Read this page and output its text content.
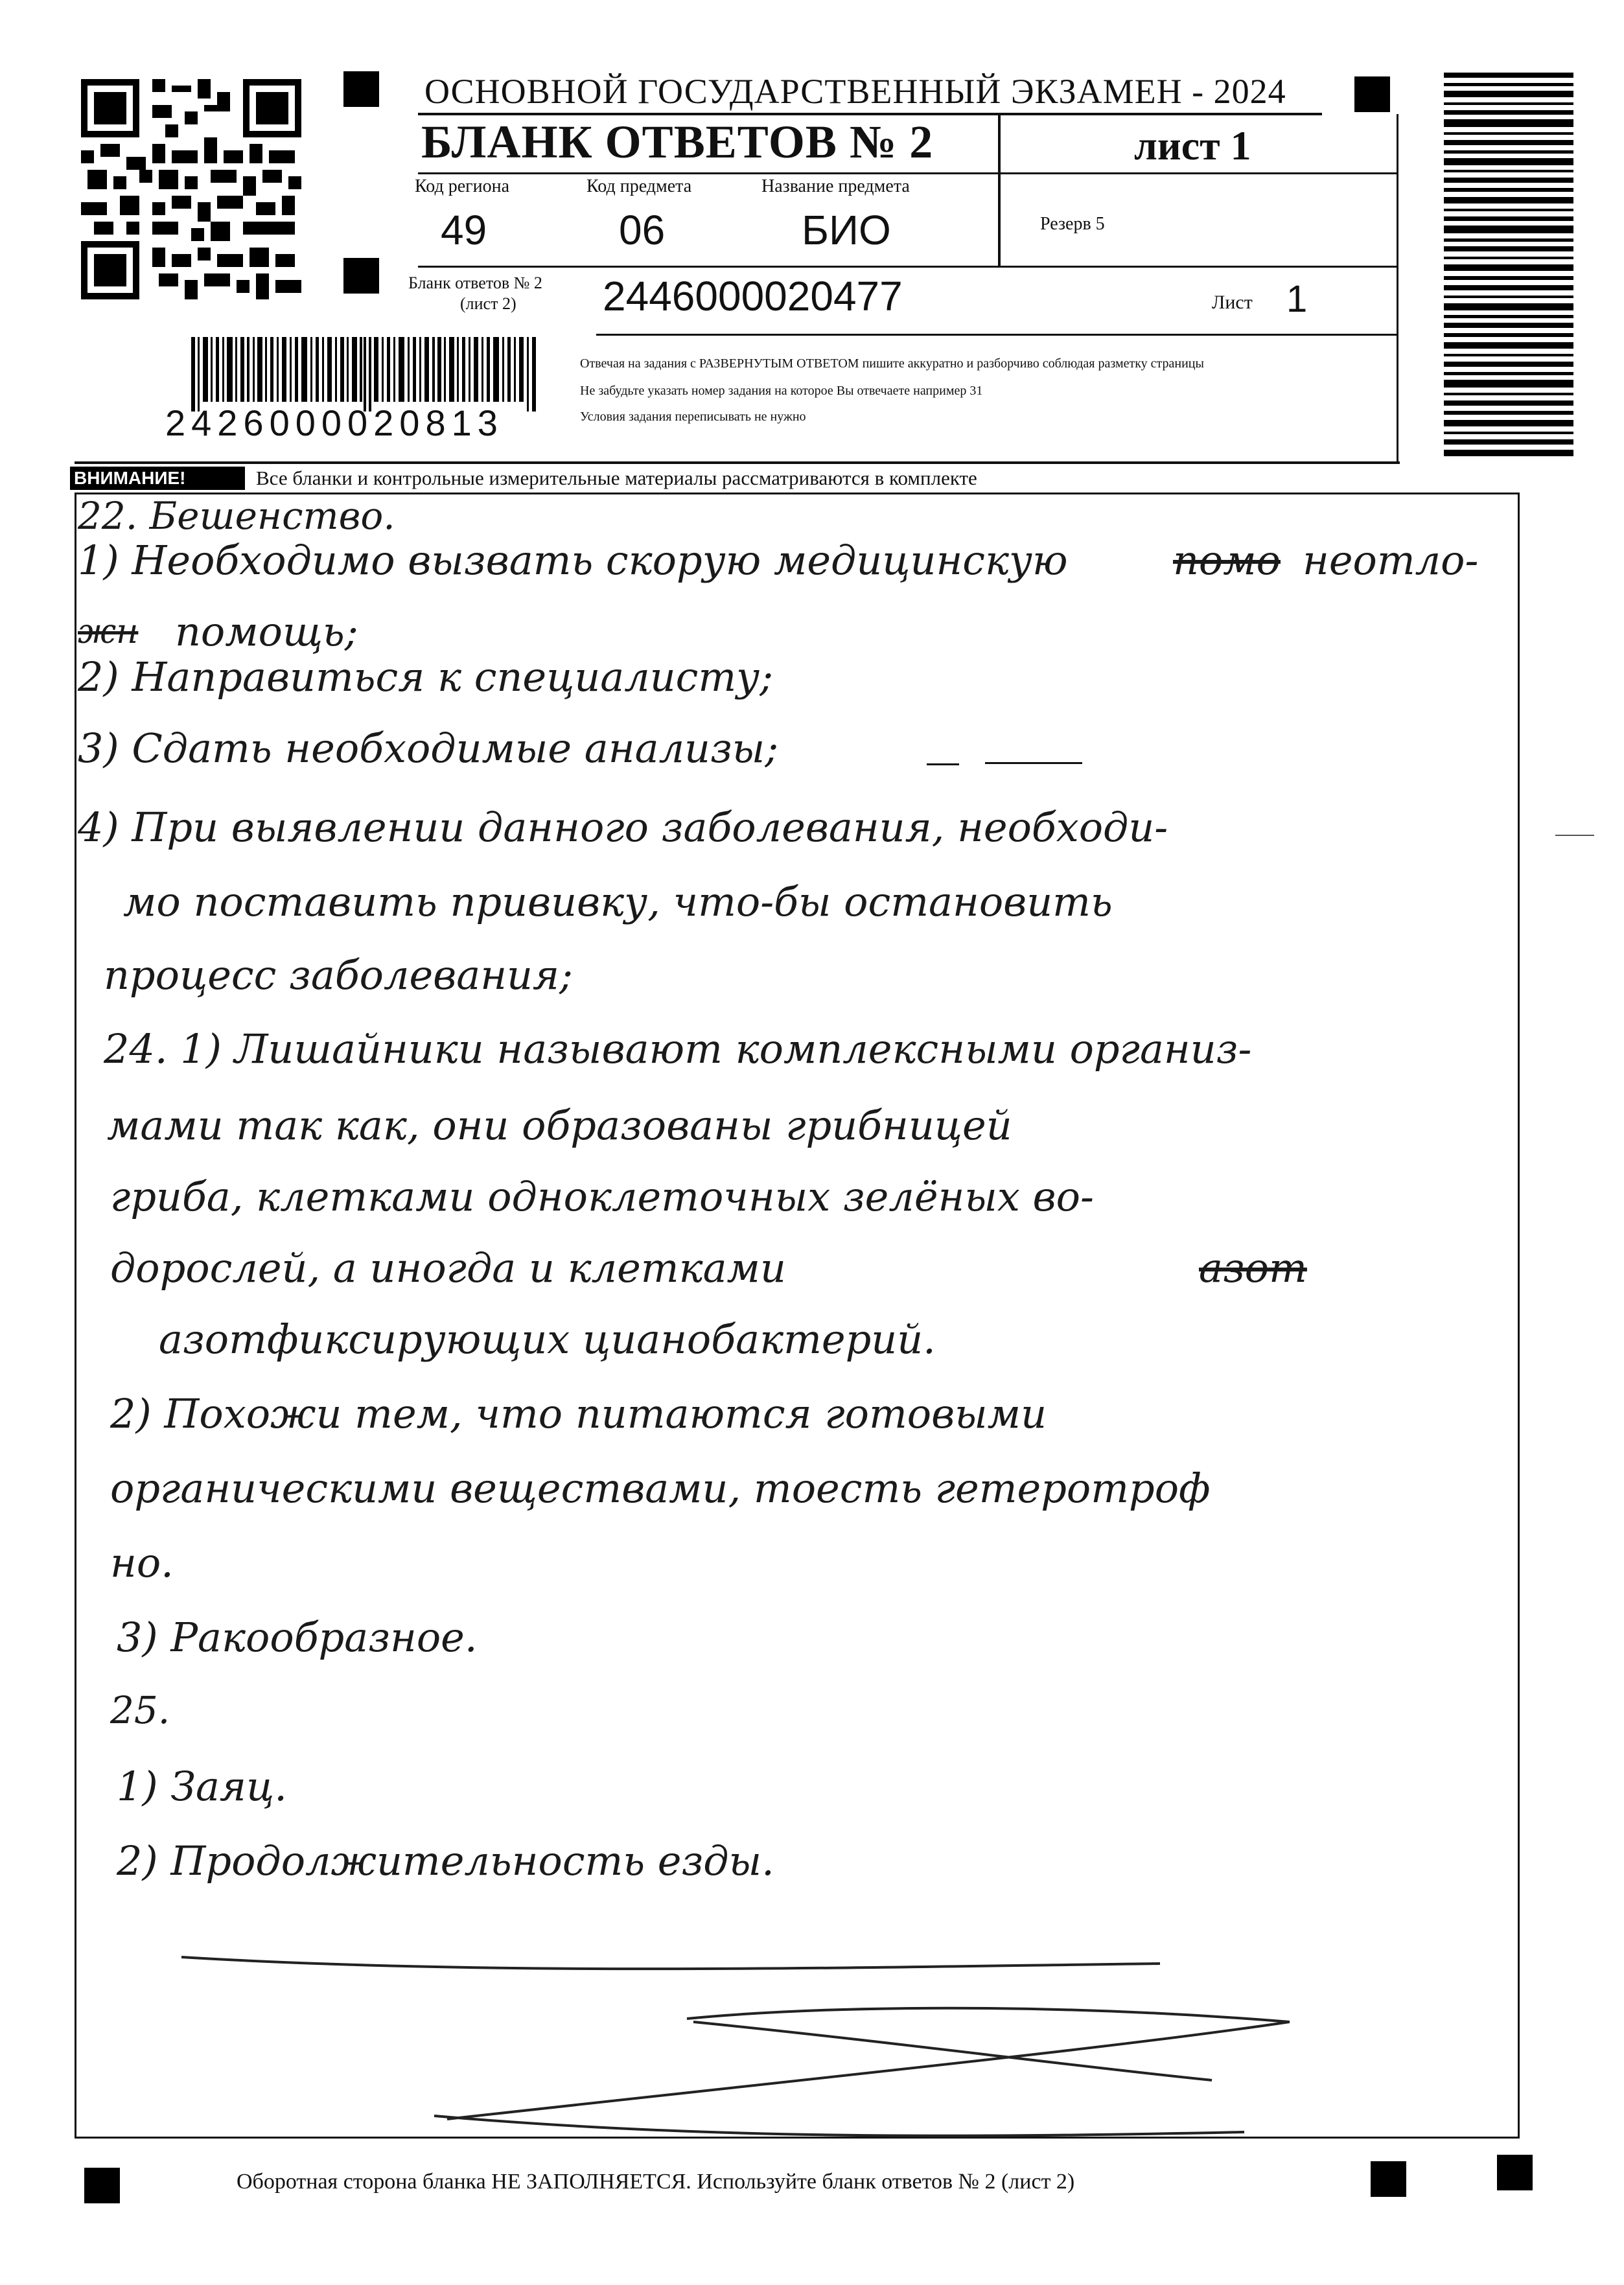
ОСНОВНОЙ ГОСУДАРСТВЕННЫЙ ЭКЗАМЕН - 2024
БЛАНК ОТВЕТОВ № 2	лист 1
Код региона
49
Код предмета
06
Название предмета
БИО	Резерв 5
Бланк ответов № 2
(лист 2) 2446000020477	Лист 1
2426000020813
Отвечая на задания с РАЗВЕРНУТЫМ ОТВЕТОМ пишите аккуратно и разборчиво соблюдая разметку страницы
Не забудьте указать номер задания на которое Вы отвечаете например 31
Условия задания переписывать не нужно
ВНИМАНИЕ!	Все бланки и контрольные измерительные материалы рассматриваются в комплекте
22. Бешенство.
1) Необходимо вызвать скорую медицинскую	помо неотло-
жн помощь;
2) Направиться к специалисту;
3) Сдать необходимые анализы;
4) При выявлении данного заболевания, необходи-
мо поставить прививку, что-бы остановить
процесс заболевания;
24. 1) Лишайники называют комплексными организ-
мами так как, они образованы грибницей
гриба, клетками одноклеточных зелёных во-
дорослей, а иногда и клетками	азот
азотфиксирующих цианобактерий.
2) Похожи тем, что питаются готовыми
органическими веществами, тоесть гетеротроф
но.
3) Ракообразное.
25.
1) Заяц.
2) Продолжительность езды.
Оборотная сторона бланка НЕ ЗАПОЛНЯЕТСЯ. Используйте бланк ответов № 2 (лист 2)
